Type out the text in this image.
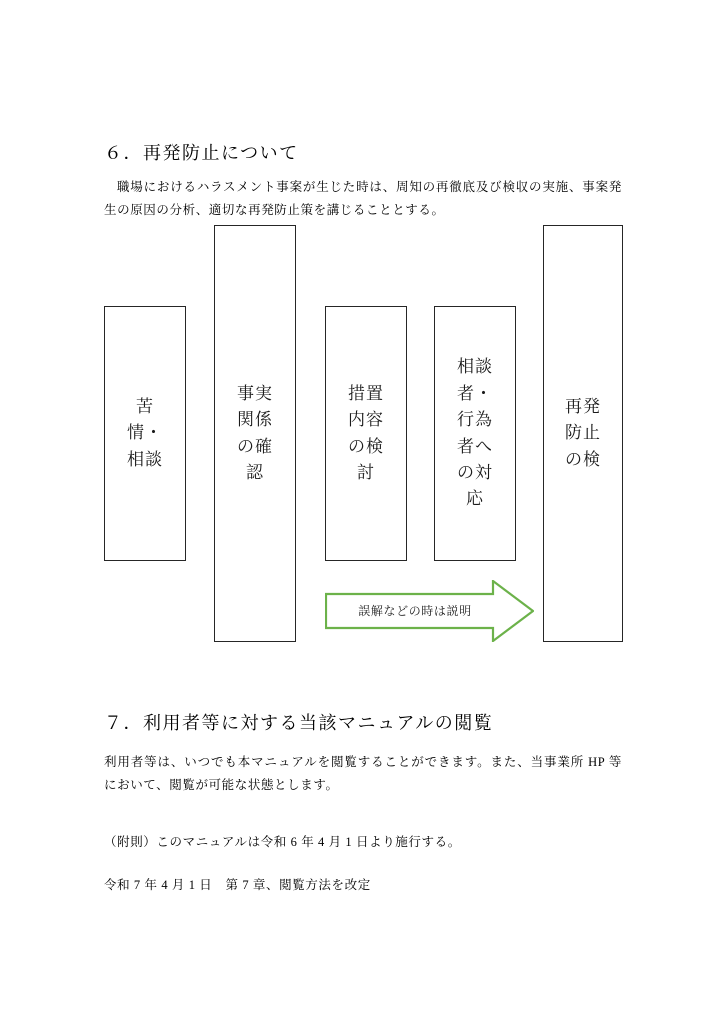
６．再発防止について

職場におけるハラスメント事案が生じた時は、周知の再徹底及び検収の実施、事案発生の原因の分析、適切な再発防止策を講じることとする。

苦情・相談
事実関係の確認
措置内容の検討
相談者・行為者への対応
再発防止の検
誤解などの時は説明
７．利用者等に対する当該マニュアルの閲覧

利用者等は、いつでも本マニュアルを閲覧することができます。また、当事業所 HP 等において、閲覧が可能な状態とします。

（附則）このマニュアルは令和 6 年 4 月 1 日より施行する。

令和 7 年 4 月 1 日　第 7 章、閲覧方法を改定
